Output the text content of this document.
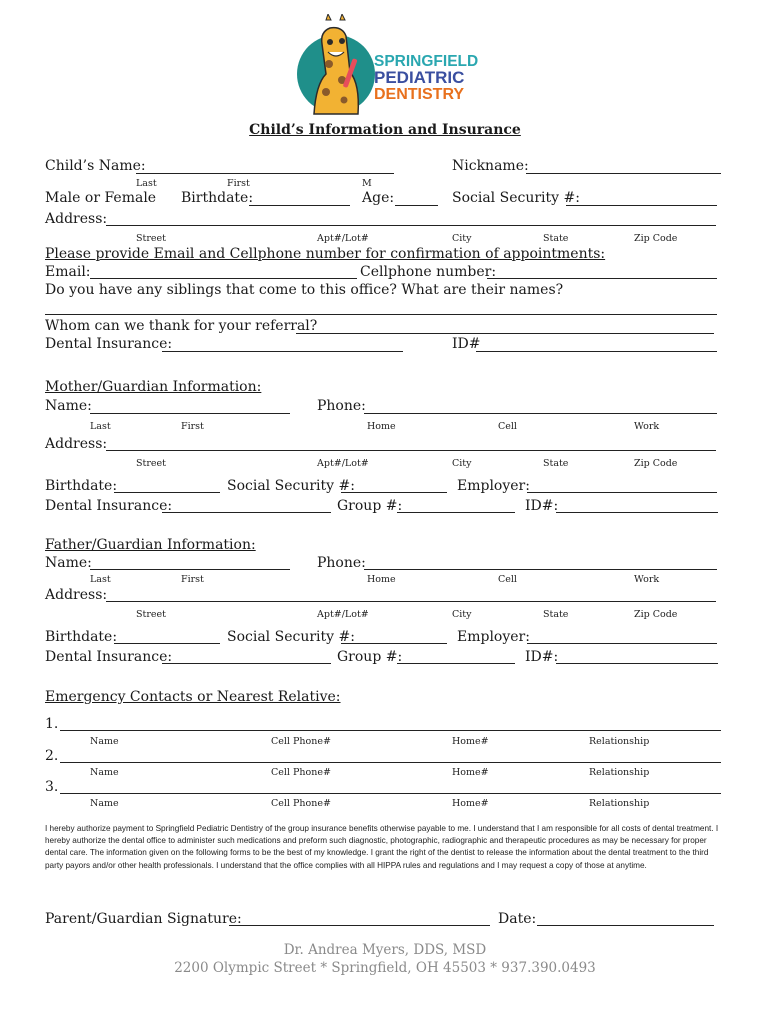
SPRINGFIELD
PEDIATRIC
DENTISTRY
Child’s Information and Insurance
Child’s Name:	Nickname:
Last	First	M
Male or Female Birthdate:	Age:	Social Security #:
Address:
Street	Apt#/Lot#	City	State	Zip Code
Please provide Email and Cellphone number for confirmation of appointments:
Email:	Cellphone number:
Do you have any siblings that come to this office? What are their names?
Whom can we thank for your referral?
Dental Insurance:	ID#
Mother/Guardian Information:
Name:	Phone:
Last	First	Home	Cell	Work
Address:
Street	Apt#/Lot#	City	State	Zip Code
Birthdate:	Social Security #:	Employer:
Dental Insurance:	Group #:	ID#:
Father/Guardian Information:
Name:	Phone:
Last	First	Home	Cell	Work
Address:
Street	Apt#/Lot#	City	State	Zip Code
Birthdate:	Social Security #:	Employer:
Dental Insurance:	Group #:	ID#:
Emergency Contacts or Nearest Relative:
1.
Name	Cell Phone#	Home#	Relationship
2.
Name	Cell Phone#	Home#	Relationship
3.
Name	Cell Phone#	Home#	Relationship
I hereby authorize payment to Springfield Pediatric Dentistry of the group insurance benefits otherwise payable to me. I understand that I am responsible for all costs of dental treatment. I hereby authorize the dental office to administer such medications and preform such diagnostic, photographic, radiographic and therapeutic procedures as may be necessary for proper dental care. The information given on the following forms to be the best of my knowledge. I grant the right of the dentist to release the information about the dental treatment to the third party payors and/or other health professionals. I understand that the office complies with all HIPPA rules and regulations and I may request a copy of those at anytime.
Parent/Guardian Signature:	Date:
Dr. Andrea Myers, DDS, MSD
2200 Olympic Street * Springfield, OH 45503 * 937.390.0493
